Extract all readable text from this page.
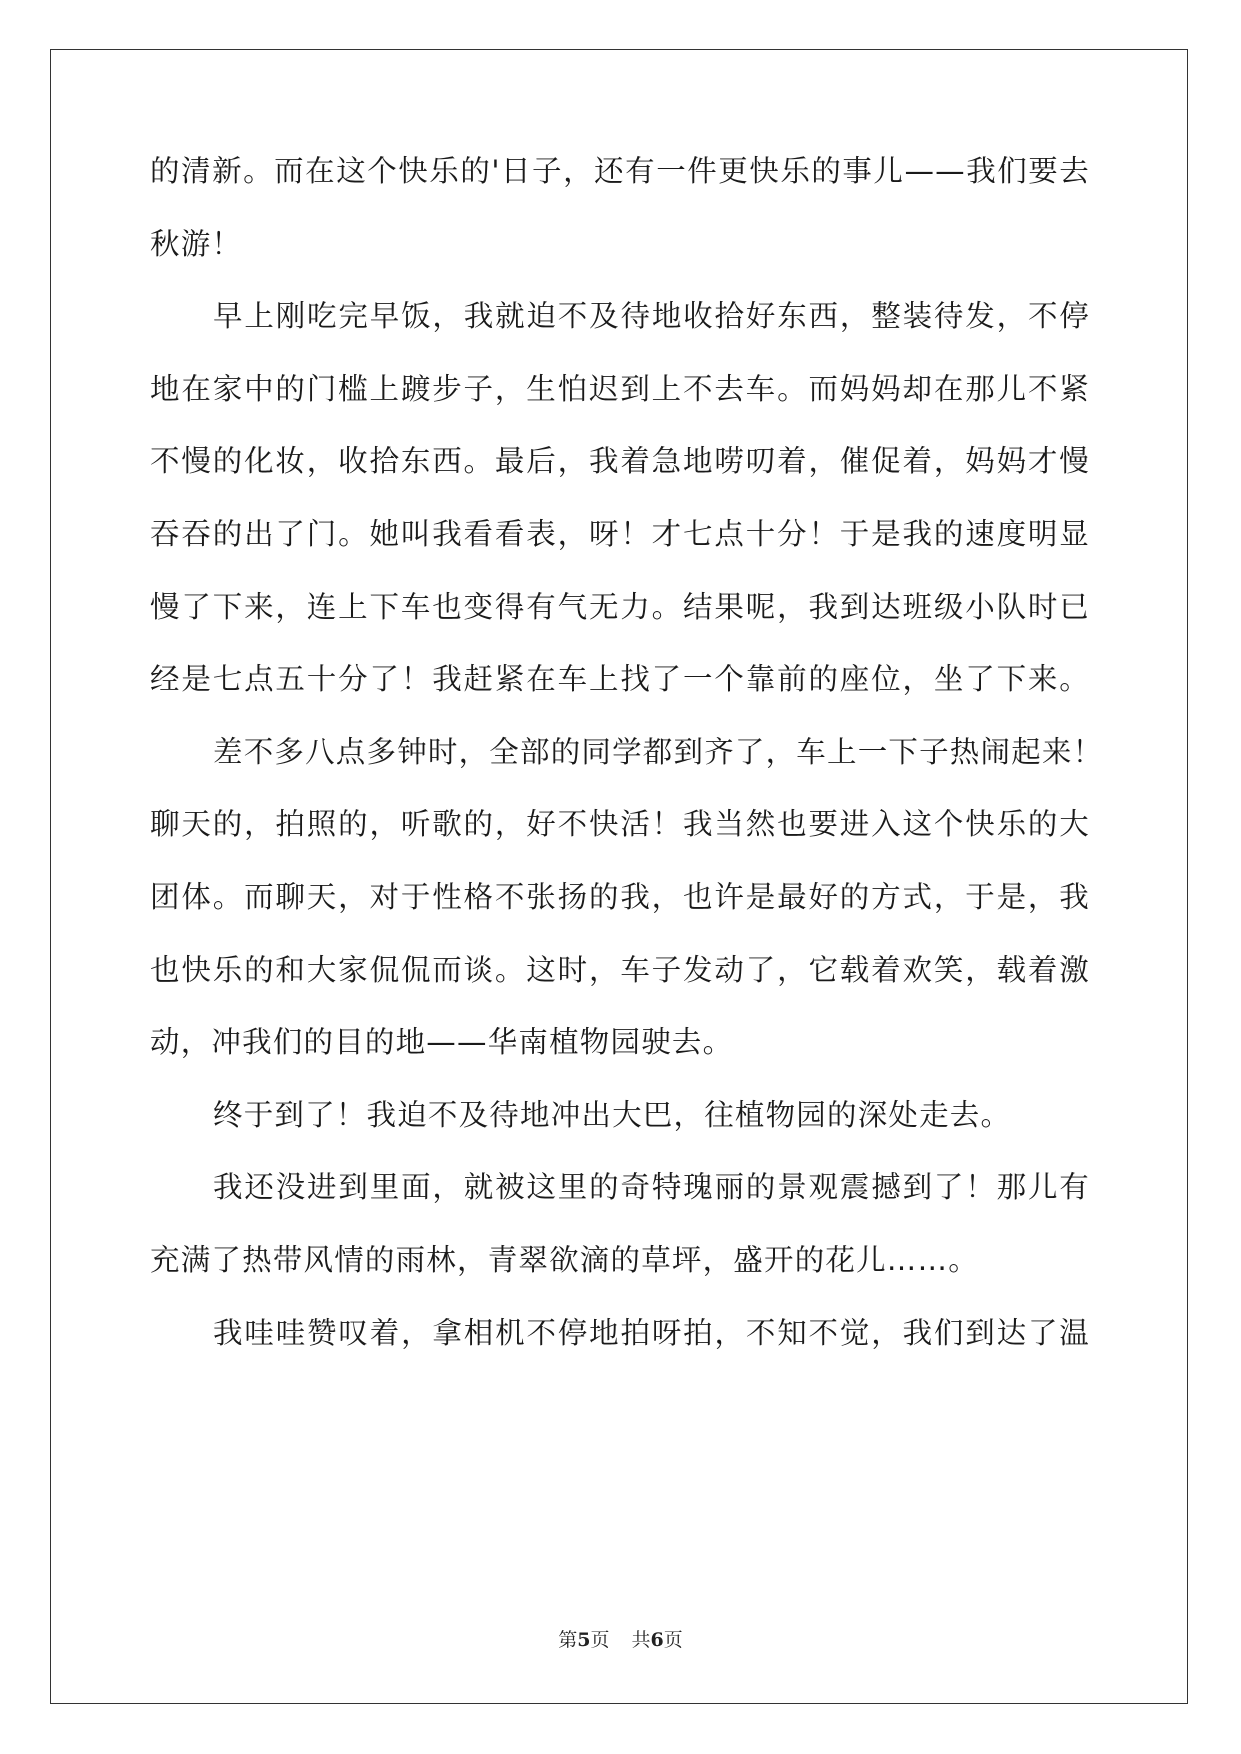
的清新。而在这个快乐的'日子，还有一件更快乐的事儿——我们要去

秋游！

早上刚吃完早饭，我就迫不及待地收拾好东西，整装待发，不停

地在家中的门槛上踱步子，生怕迟到上不去车。而妈妈却在那儿不紧

不慢的化妆，收拾东西。最后，我着急地唠叨着，催促着，妈妈才慢

吞吞的出了门。她叫我看看表，呀！才七点十分！于是我的速度明显

慢了下来，连上下车也变得有气无力。结果呢，我到达班级小队时已

经是七点五十分了！我赶紧在车上找了一个靠前的座位，坐了下来。

差不多八点多钟时，全部的同学都到齐了，车上一下子热闹起来！

聊天的，拍照的，听歌的，好不快活！我当然也要进入这个快乐的大

团体。而聊天，对于性格不张扬的我，也许是最好的方式，于是，我

也快乐的和大家侃侃而谈。这时，车子发动了，它载着欢笑，载着激

动，冲我们的目的地——华南植物园驶去。

终于到了！我迫不及待地冲出大巴，往植物园的深处走去。

我还没进到里面，就被这里的奇特瑰丽的景观震撼到了！那儿有

充满了热带风情的雨林，青翠欲滴的草坪，盛开的花儿……。

我哇哇赞叹着，拿相机不停地拍呀拍，不知不觉，我们到达了温

第5页 共6页
